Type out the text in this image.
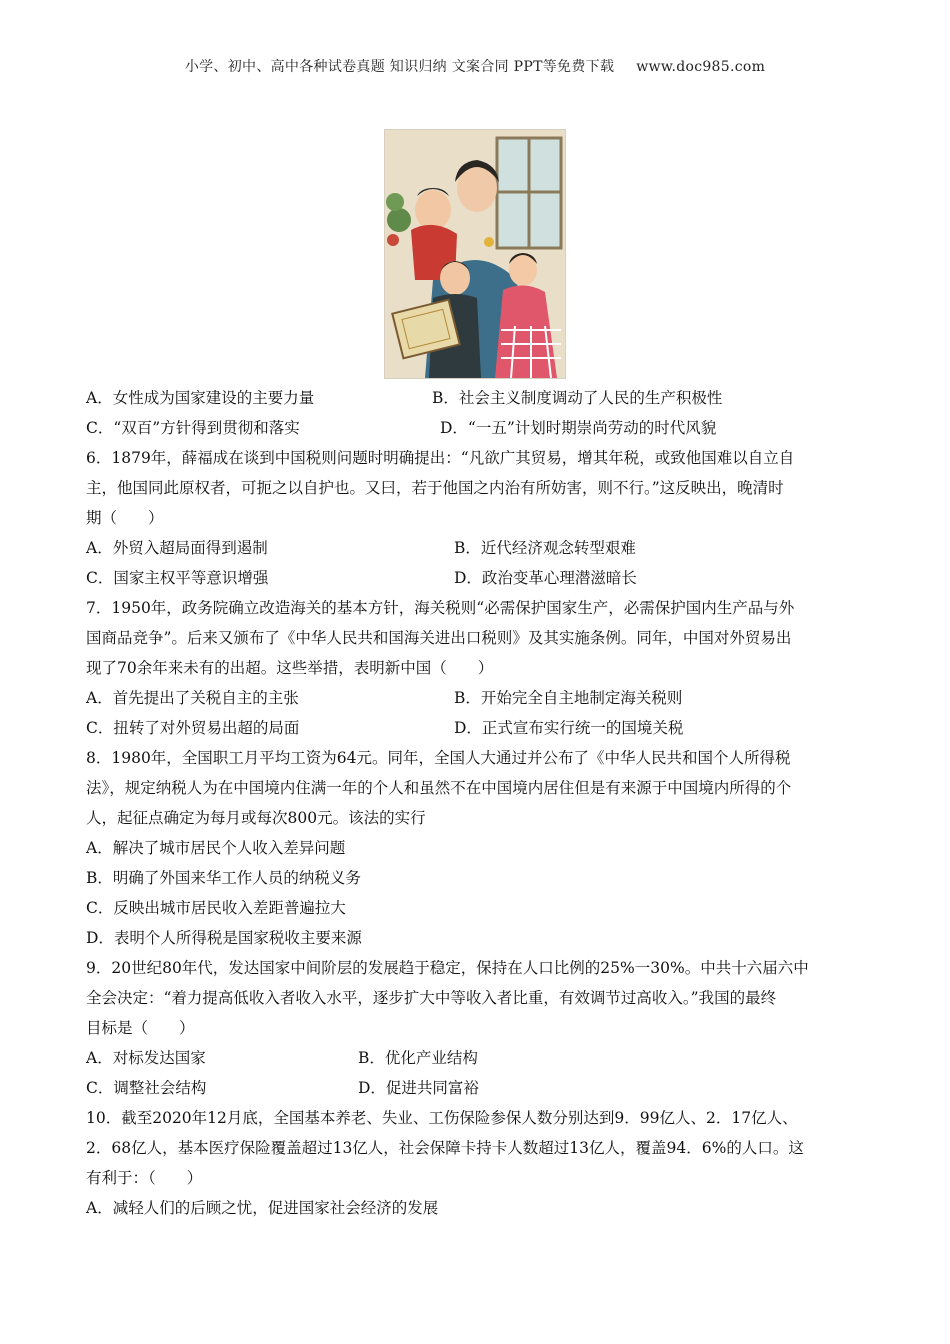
小学、初中、高中各种试卷真题 知识归纳 文案合同 PPT等免费下载 www.doc985.com
A．女性成为国家建设的主要力量	B．社会主义制度调动了人民的生产积极性
C．“双百”方针得到贯彻和落实	D．“一五”计划时期崇尚劳动的时代风貌
6．1879年，薛福成在谈到中国税则问题时明确提出：“凡欲广其贸易，增其年税，或致他国难以自立自
主，他国同此原权者，可扼之以自护也。又曰，若于他国之内治有所妨害，则不行。”这反映出，晚清时
期（　　）
A．外贸入超局面得到遏制	B．近代经济观念转型艰难
C．国家主权平等意识增强	D．政治变革心理潜滋暗长
7．1950年，政务院确立改造海关的基本方针，海关税则“必需保护国家生产，必需保护国内生产品与外
国商品竞争”。后来又颁布了《中华人民共和国海关进出口税则》及其实施条例。同年，中国对外贸易出
现了70余年来未有的出超。这些举措，表明新中国（　　）
A．首先提出了关税自主的主张	B．开始完全自主地制定海关税则
C．扭转了对外贸易出超的局面	D．正式宣布实行统一的国境关税
8．1980年，全国职工月平均工资为64元。同年，全国人大通过并公布了《中华人民共和国个人所得税
法》，规定纳税人为在中国境内住满一年的个人和虽然不在中国境内居住但是有来源于中国境内所得的个
人，起征点确定为每月或每次800元。该法的实行
A．解决了城市居民个人收入差异问题
B．明确了外国来华工作人员的纳税义务
C．反映出城市居民收入差距普遍拉大
D．表明个人所得税是国家税收主要来源
9．20世纪80年代，发达国家中间阶层的发展趋于稳定，保持在人口比例的25%一30%。中共十六届六中
全会决定：“着力提高低收入者收入水平，逐步扩大中等收入者比重，有效调节过高收入。”我国的最终
目标是（　　）
A．对标发达国家	B．优化产业结构
C．调整社会结构	D．促进共同富裕
10．截至2020年12月底，全国基本养老、失业、工伤保险参保人数分别达到9．99亿人、2．17亿人、
2．68亿人，基本医疗保险覆盖超过13亿人，社会保障卡持卡人数超过13亿人，覆盖94．6%的人口。这
有利于：（　　）
A．减轻人们的后顾之忧，促进国家社会经济的发展
